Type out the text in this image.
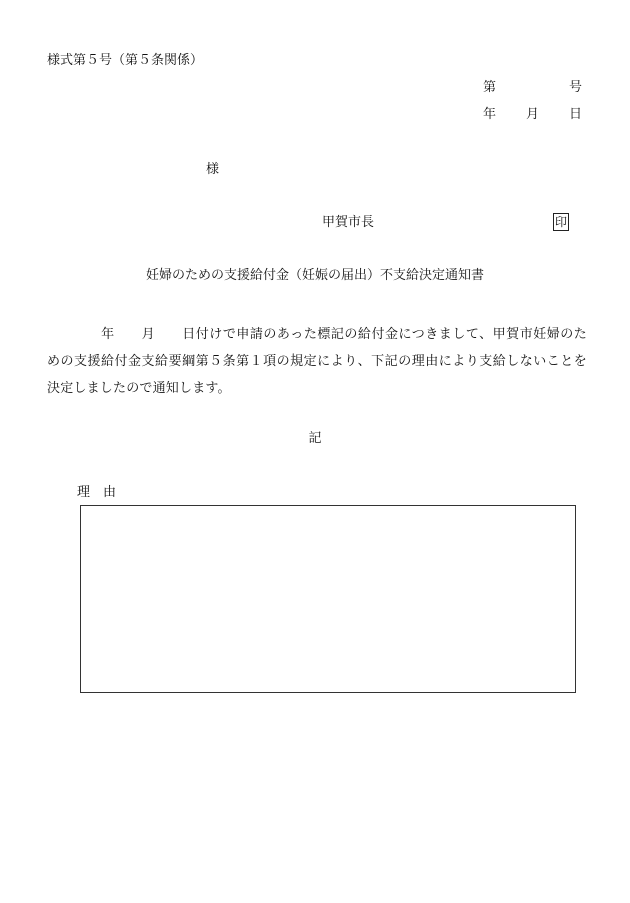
様式第５号（第５条関係）
第	号
年 月 日
様
甲賀市長	印
妊婦のための支援給付金（妊娠の届出）不支給決定通知書
　　　　年　　月　　日付けで申請のあった標記の給付金につきまして、甲賀市妊婦のための支援給付金支給要綱第５条第１項の規定により、下記の理由により支給しないことを決定しましたので通知します。
記
理　由
